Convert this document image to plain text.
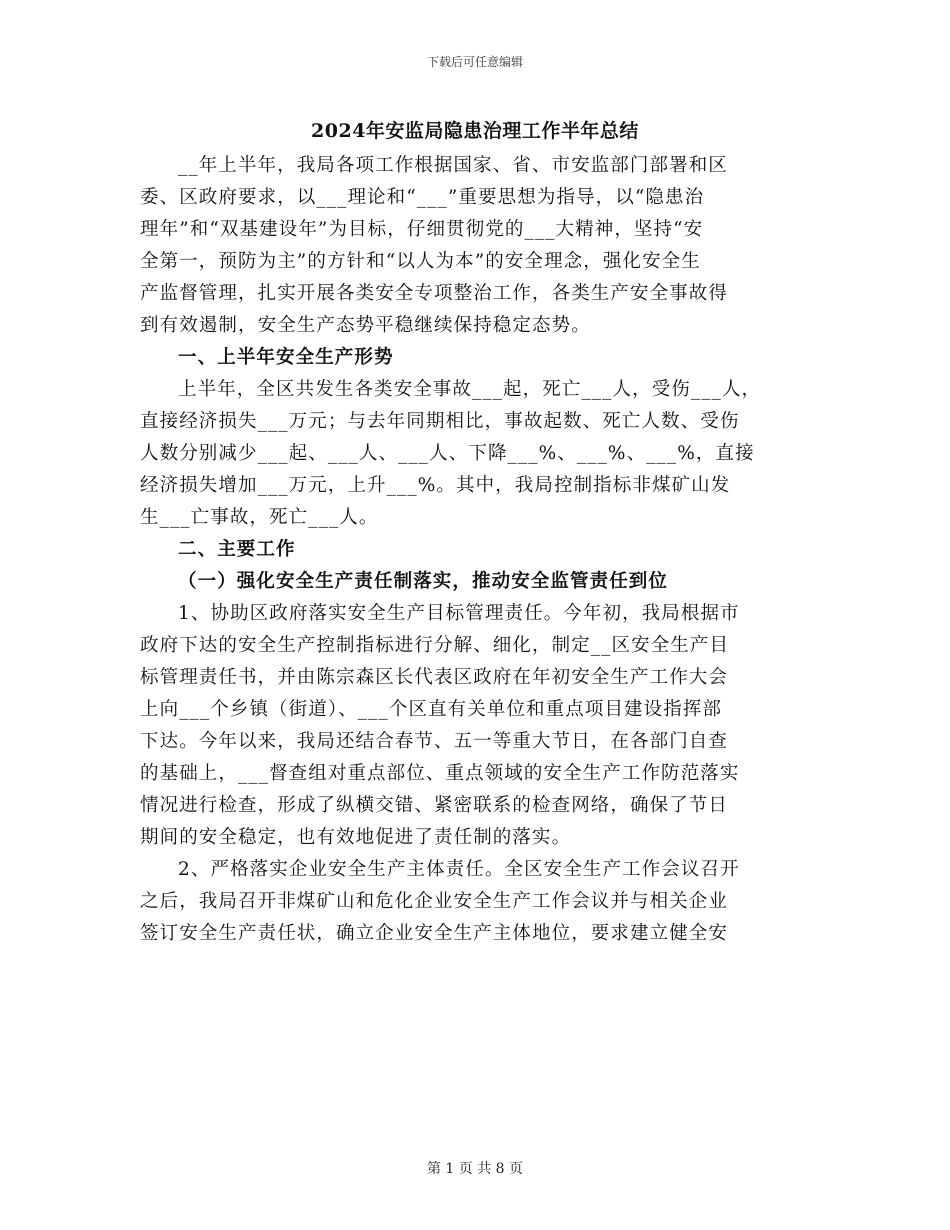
下载后可任意编辑
2024年安监局隐患治理工作半年总结
__年上半年，我局各项工作根据国家、省、市安监部门部署和区
委、区政府要求，以___理论和“___”重要思想为指导，以“隐患治
理年”和“双基建设年”为目标，仔细贯彻党的___大精神，坚持“安
全第一，预防为主”的方针和“以人为本”的安全理念，强化安全生
产监督管理，扎实开展各类安全专项整治工作，各类生产安全事故得
到有效遏制，安全生产态势平稳继续保持稳定态势。
一、上半年安全生产形势
上半年，全区共发生各类安全事故___起，死亡___人，受伤___人，
直接经济损失___万元；与去年同期相比，事故起数、死亡人数、受伤
人数分别减少___起、___人、___人、下降___%、___%、___%，直接
经济损失增加___万元，上升___%。其中，我局控制指标非煤矿山发
生___亡事故，死亡___人。
二、主要工作
（一）强化安全生产责任制落实，推动安全监管责任到位
1、协助区政府落实安全生产目标管理责任。今年初，我局根据市
政府下达的安全生产控制指标进行分解、细化，制定__区安全生产目
标管理责任书，并由陈宗森区长代表区政府在年初安全生产工作大会
上向___个乡镇（街道）、___个区直有关单位和重点项目建设指挥部
下达。今年以来，我局还结合春节、五一等重大节日，在各部门自查
的基础上，___督查组对重点部位、重点领域的安全生产工作防范落实
情况进行检查，形成了纵横交错、紧密联系的检查网络，确保了节日
期间的安全稳定，也有效地促进了责任制的落实。
2、严格落实企业安全生产主体责任。全区安全生产工作会议召开
之后，我局召开非煤矿山和危化企业安全生产工作会议并与相关企业
签订安全生产责任状，确立企业安全生产主体地位，要求建立健全安
第 1 页 共 8 页
